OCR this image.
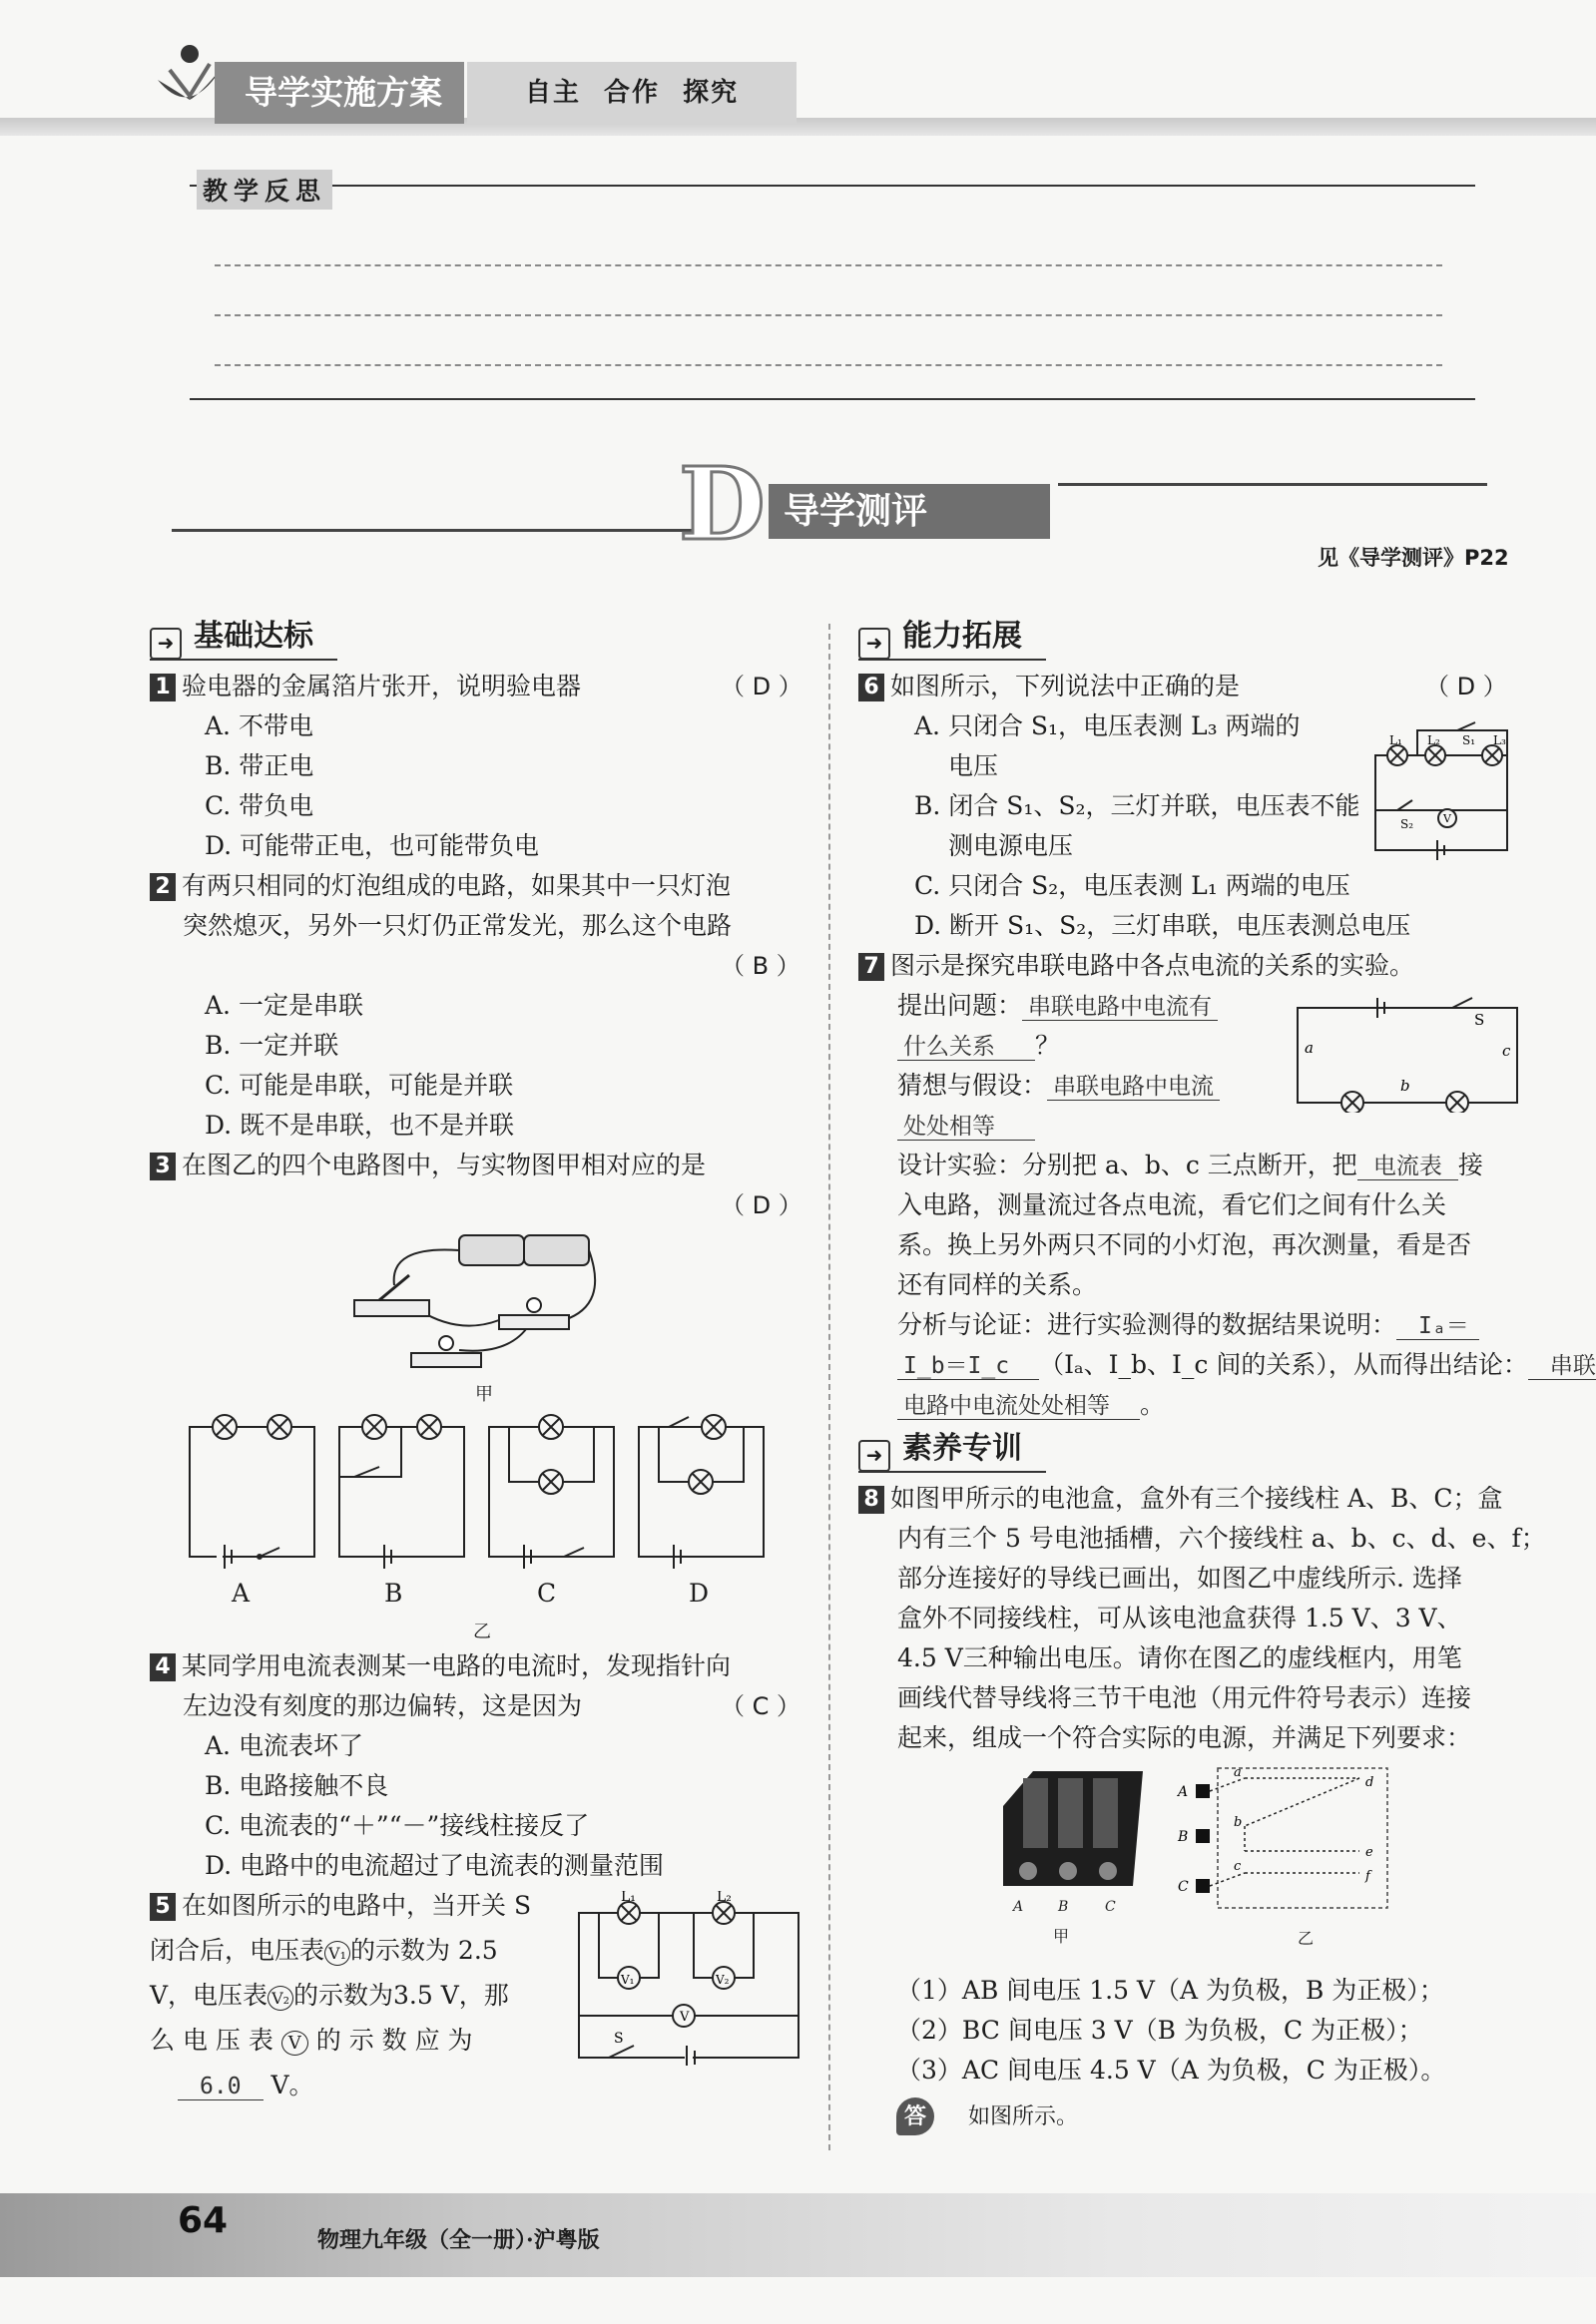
导学实施方案	自主 合作 探究
教学反思
D 导学测评
见《导学测评》P22
➜ 基础达标
1 验电器的金属箔片张开，说明验电器	（ D ）
A. 不带电
B. 带正电
C. 带负电
D. 可能带正电，也可能带负电
2 有两只相同的灯泡组成的电路，如果其中一只灯泡
突然熄灭，另外一只灯仍正常发光，那么这个电路
（ B ）
A. 一定是串联
B. 一定并联
C. 可能是串联，可能是并联
D. 既不是串联，也不是并联
3 在图乙的四个电路图中，与实物图甲相对应的是
（ D ）
甲
A	B	C	D
乙
4 某同学用电流表测某一电路的电流时，发现指针向
左边没有刻度的那边偏转，这是因为	（ C ）
A. 电流表坏了
B. 电路接触不良
C. 电流表的“＋”“－”接线柱接反了
D. 电路中的电流超过了电流表的测量范围
5 在如图所示的电路中，当开关 S
闭合后，电压表 V₁ 的示数为 2.5
V，电压表 V₂ 的示数为3.5 V，那
么 电 压 表 V 的 示 数 应 为
6.0 V。
L₁	L₂
V₁	V₂
V
S
➜ 能力拓展
6 如图所示，下列说法中正确的是	（ D ）
A. 只闭合 S₁，电压表测 L₃ 两端的
电压
B. 闭合 S₁、S₂，三灯并联，电压表不能
测电源电压
C. 只闭合 S₂，电压表测 L₁ 两端的电压
D. 断开 S₁、S₂，三灯串联，电压表测总电压
L₁ L₂ S₁ L₃
S₂	V
7 图示是探究串联电路中各点电流的关系的实验。
提出问题： 串联电路中电流有
什么关系 ？
猜想与假设： 串联电路中电流
处处相等
设计实验：分别把 a、b、c 三点断开，把 电流表 接
入电路，测量流过各点电流，看它们之间有什么关
系。换上另外两只不同的小灯泡，再次测量，看是否
还有同样的关系。
分析与论证：进行实验测得的数据结果说明： Iₐ＝
I_b＝I_c （Iₐ、I_b、I_c 间的关系），从而得出结论： 串联
电路中电流处处相等 。
S
a
b
c
➜ 素养专训
8 如图甲所示的电池盒，盒外有三个接线柱 A、B、C；盒
内有三个 5 号电池插槽，六个接线柱 a、b、c、d、e、f；
部分连接好的导线已画出，如图乙中虚线所示. 选择
盒外不同接线柱，可从该电池盒获得 1.5 V、3 V、
4.5 V三种输出电压。请你在图乙的虚线框内，用笔
画线代替导线将三节干电池（用元件符号表示）连接
起来，组成一个符合实际的电源，并满足下列要求：
A B	C
甲
A
B
C
a
b
c
d
e
f
乙
（1）AB 间电压 1.5 V（A 为负极，B 为正极）；
（2）BC 间电压 3 V（B 为负极，C 为正极）；
（3）AC 间电压 4.5 V（A 为负极，C 为正极）。
答	如图所示。
64	物理九年级（全一册）·沪粤版
